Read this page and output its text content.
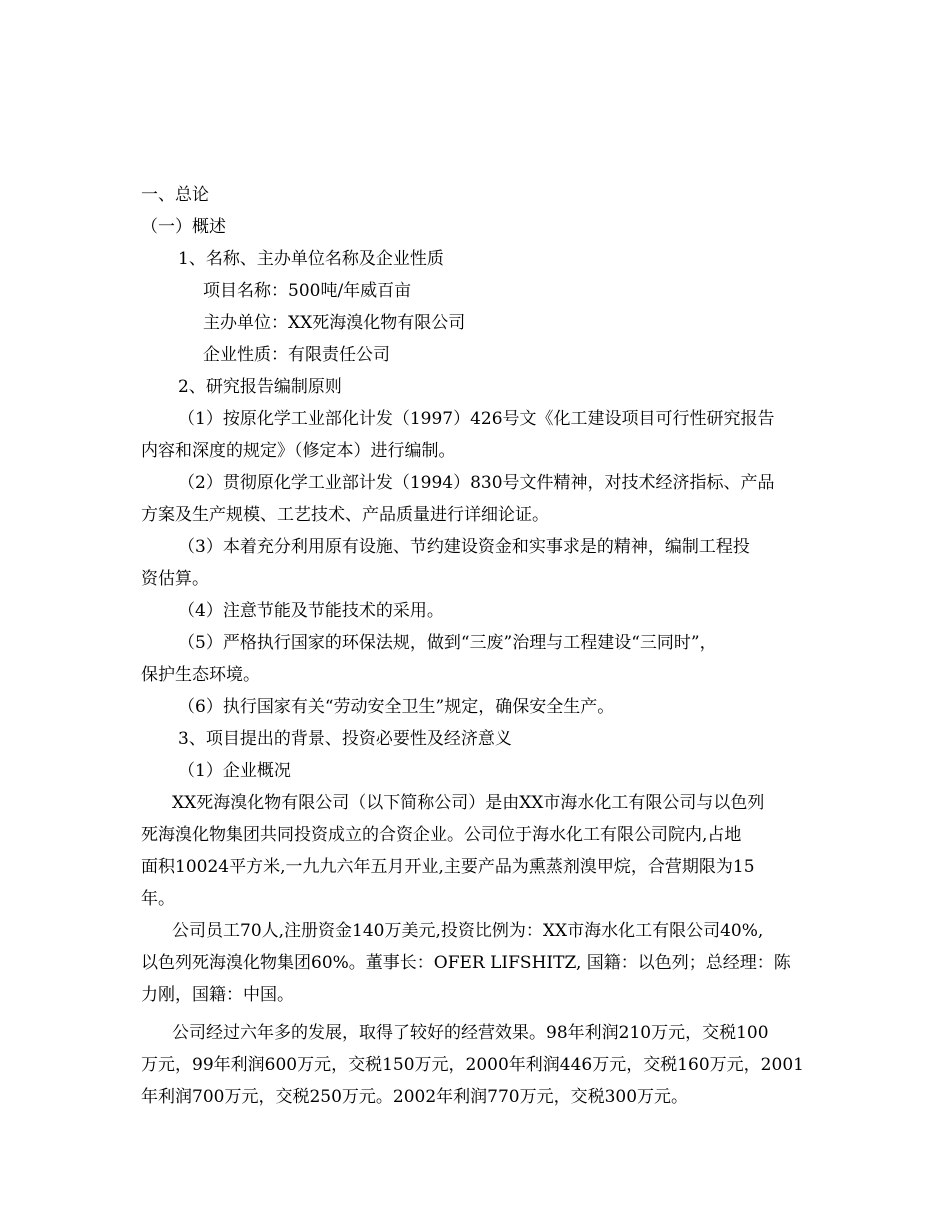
一、总论
（一）概述
1、名称、主办单位名称及企业性质
项目名称：500吨/年威百亩
主办单位：XX死海溴化物有限公司
企业性质：有限责任公司
2、研究报告编制原则
（1）按原化学工业部化计发（1997）426号文《化工建设项目可行性研究报告
内容和深度的规定》（修定本）进行编制。
（2）贯彻原化学工业部计发（1994）830号文件精神，对技术经济指标、产品
方案及生产规模、工艺技术、产品质量进行详细论证。
（3）本着充分利用原有设施、节约建设资金和实事求是的精神，编制工程投
资估算。
（4）注意节能及节能技术的采用。
（5）严格执行国家的环保法规，做到“三废”治理与工程建设“三同时”，
保护生态环境。
（6）执行国家有关“劳动安全卫生”规定，确保安全生产。
3、项目提出的背景、投资必要性及经济意义
（1）企业概况
XX死海溴化物有限公司（以下简称公司）是由XX市海水化工有限公司与以色列
死海溴化物集团共同投资成立的合资企业。公司位于海水化工有限公司院内,占地
面积10024平方米,一九九六年五月开业,主要产品为熏蒸剂溴甲烷，合营期限为15
年。
公司员工70人,注册资金140万美元,投资比例为：XX市海水化工有限公司40%,
以色列死海溴化物集团60%。董事长：OFER LIFSHITZ, 国籍：以色列；总经理：陈
力刚，国籍：中国。
公司经过六年多的发展，取得了较好的经营效果。98年利润210万元，交税100
万元，99年利润600万元，交税150万元，2000年利润446万元，交税160万元，2001
年利润700万元，交税250万元。2002年利润770万元，交税300万元。
